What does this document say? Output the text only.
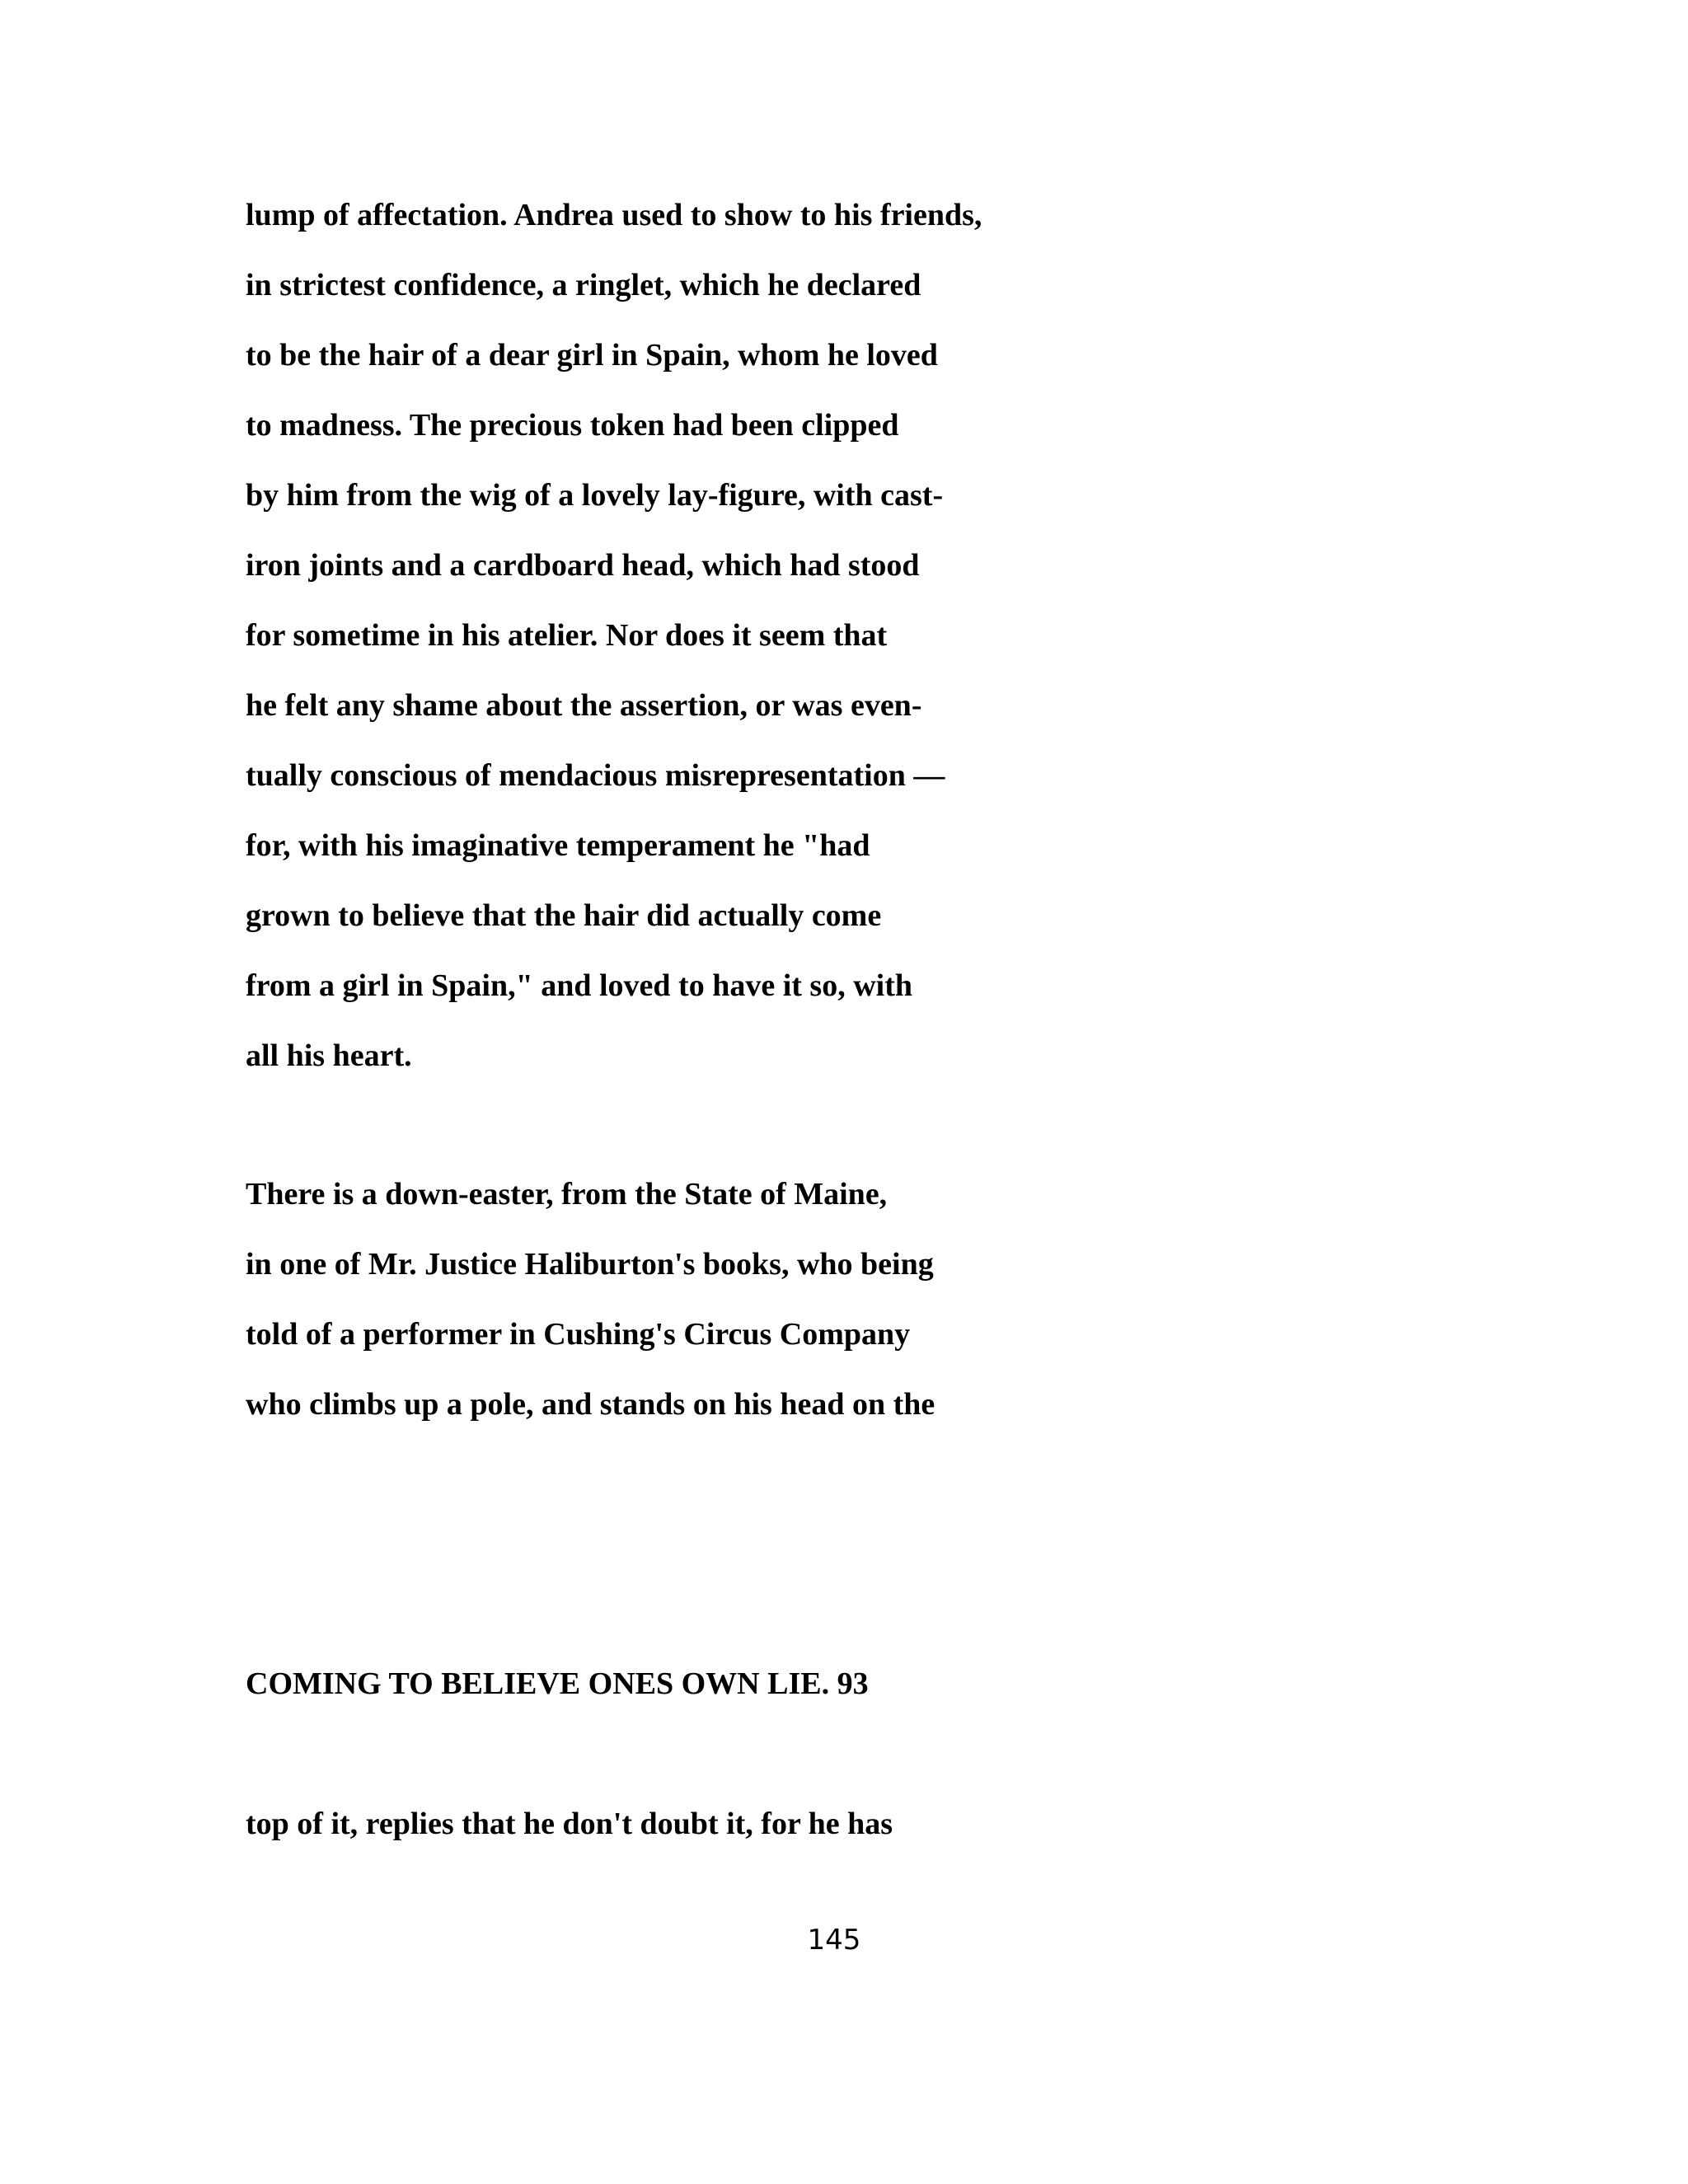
lump of affectation. Andrea used to show to his friends,

in strictest confidence, a ringlet, which he declared

to be the hair of a dear girl in Spain, whom he loved

to madness. The precious token had been clipped

by him from the wig of a lovely lay-figure, with cast-

iron joints and a cardboard head, which had stood

for sometime in his atelier. Nor does it seem that

he felt any shame about the assertion, or was even-

tually conscious of mendacious misrepresentation —

for, with his imaginative temperament he "had

grown to believe that the hair did actually come

from a girl in Spain," and loved to have it so, with

all his heart.

There is a down-easter, from the State of Maine,

in one of Mr. Justice Haliburton's books, who being

told of a performer in Cushing's Circus Company

who climbs up a pole, and stands on his head on the

COMING TO BELIEVE ONES OWN LIE. 93

top of it, replies that he don't doubt it, for he has

145
